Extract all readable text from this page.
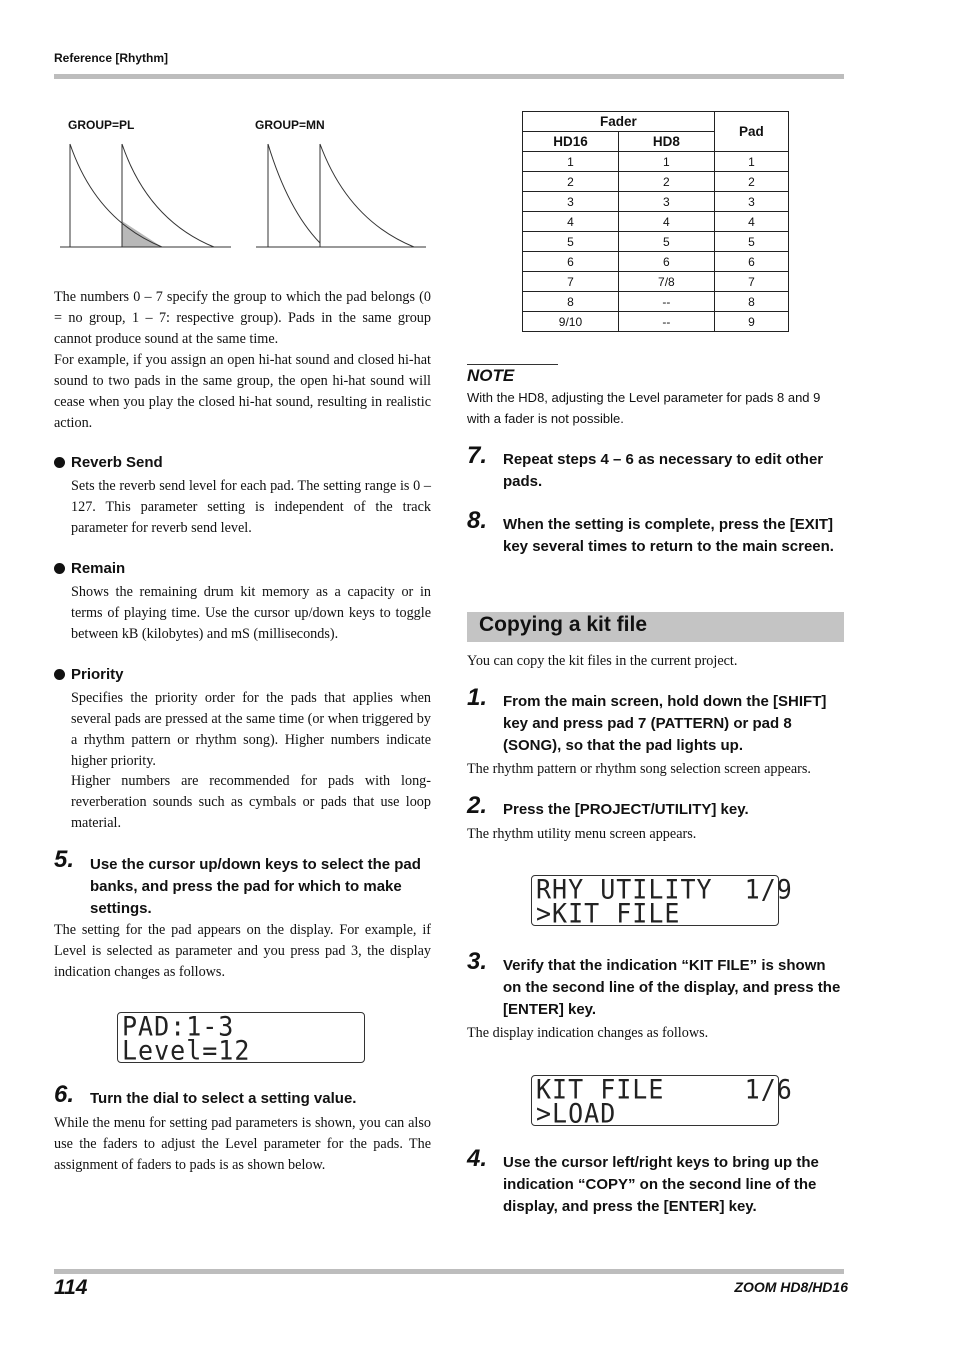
Reference [Rhythm]
GROUP=PL	GROUP=MN
The numbers 0 – 7 specify the group to which the pad belongs (0 = no group, 1 – 7: respective group). Pads in the same group cannot produce sound at the same time.
For example, if you assign an open hi-hat sound and closed hi-hat sound to two pads in the same group, the open hi-hat sound will cease when you play the closed hi-hat sound, resulting in realistic action.
Reverb Send
Sets the reverb send level for each pad. The setting range is 0 – 127. This parameter setting is independent of the track parameter for reverb send level.
Remain
Shows the remaining drum kit memory as a capacity or in terms of playing time. Use the cursor up/down keys to toggle between kB (kilobytes) and mS (milliseconds).
Priority
Specifies the priority order for the pads that applies when several pads are pressed at the same time (or when triggered by a rhythm pattern or rhythm song). Higher numbers indicate higher priority.
Higher numbers are recommended for pads with long-reverberation sounds such as cymbals or pads that use loop material.
5. Use the cursor up/down keys to select the pad banks, and press the pad for which to make settings.
The setting for the pad appears on the display. For example, if Level is selected as parameter and you press pad 3, the display indication changes as follows.
PAD:1-3
Level=12
6. Turn the dial to select a setting value.
While the menu for setting pad parameters is shown, you can also use the faders to adjust the Level parameter for the pads. The assignment of faders to pads is as shown below.
Fader		Pad
HD16	HD8	
1	1	1
2	2	2
3	3	3
4	4	4
5	5	5
6	6	6
7	7/8	7
8	--	8
9/10	--	9
NOTE
With the HD8, adjusting the Level parameter for pads 8 and 9 with a fader is not possible.
7. Repeat steps 4 – 6 as necessary to edit other pads.
8. When the setting is complete, press the [EXIT] key several times to return to the main screen.
Copying a kit file
You can copy the kit files in the current project.
1. From the main screen, hold down the [SHIFT] key and press pad 7 (PATTERN) or pad 8 (SONG), so that the pad lights up.
The rhythm pattern or rhythm song selection screen appears.
2. Press the [PROJECT/UTILITY] key.
The rhythm utility menu screen appears.
RHY UTILITY  1/9
>KIT FILE
3. Verify that the indication “KIT FILE” is shown on the second line of the display, and press the [ENTER] key.
The display indication changes as follows.
KIT FILE     1/6
>LOAD
4. Use the cursor left/right keys to bring up the indication “COPY” on the second line of the display, and press the [ENTER] key.
114	ZOOM HD8/HD16
